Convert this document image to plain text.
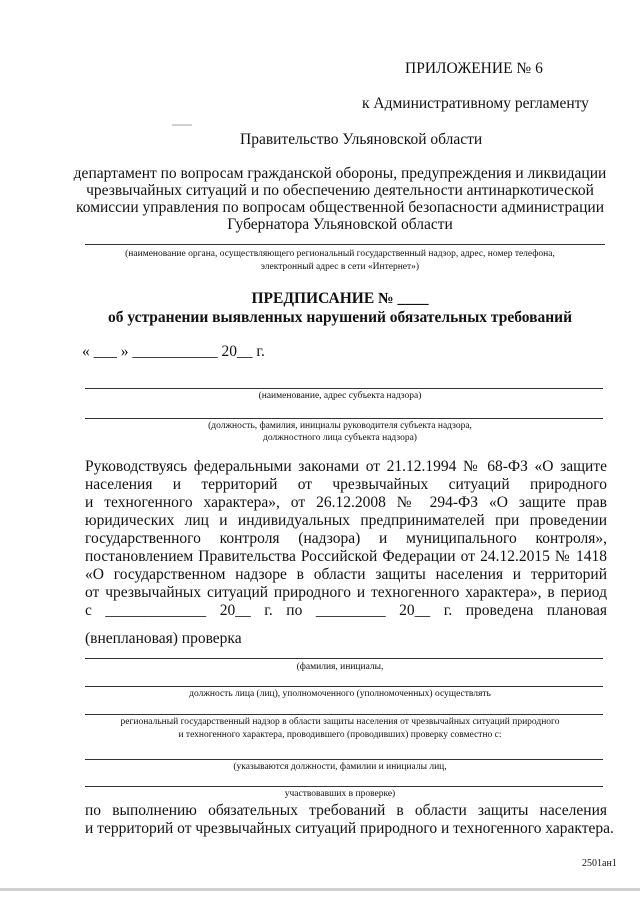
ПРИЛОЖЕНИЕ № 6
к Административному регламенту
Правительство Ульяновской области
департамент по вопросам гражданской обороны, предупреждения и ликвидации
чрезвычайных ситуаций и по обеспечению деятельности антинаркотической
комиссии управления по вопросам общественной безопасности администрации
Губернатора Ульяновской области
(наименование органа, осуществляющего региональный государственный надзор, адрес, номер телефона,
электронный адрес в сети «Интернет»)
ПРЕДПИСАНИЕ № ____
об устранении выявленных нарушений обязательных требований
« ___ » ___________ 20__ г.
(наименование, адрес субъекта надзора)
(должность, фамилия, инициалы руководителя субъекта надзора,
должностного лица субъекта надзора)
Руководствуясь федеральными законами от 21.12.1994 № 68-ФЗ «О защите
населения и территорий от чрезвычайных ситуаций природного
и техногенного характера», от 26.12.2008 № 294-ФЗ «О защите прав
юридических лиц и индивидуальных предпринимателей при проведении
государственного контроля (надзора) и муниципального контроля»,
постановлением Правительства Российской Федерации от 24.12.2015 № 1418
«О государственном надзоре в области защиты населения и территорий
от чрезвычайных ситуаций природного и техногенного характера», в период
с _____________ 20__ г. по _________ 20__ г. проведена плановая
(внеплановая) проверка
(фамилия, инициалы,
должность лица (лиц), уполномоченного (уполномоченных) осуществлять
региональный государственный надзор в области защиты населения от чрезвычайных ситуаций природного
и техногенного характера, проводившего (проводивших) проверку совместно с:
(указываются должности, фамилии и инициалы лиц,
участвовавших в проверке)
по выполнению обязательных требований в области защиты населения
и территорий от чрезвычайных ситуаций природного и техногенного характера.
2501ан1
